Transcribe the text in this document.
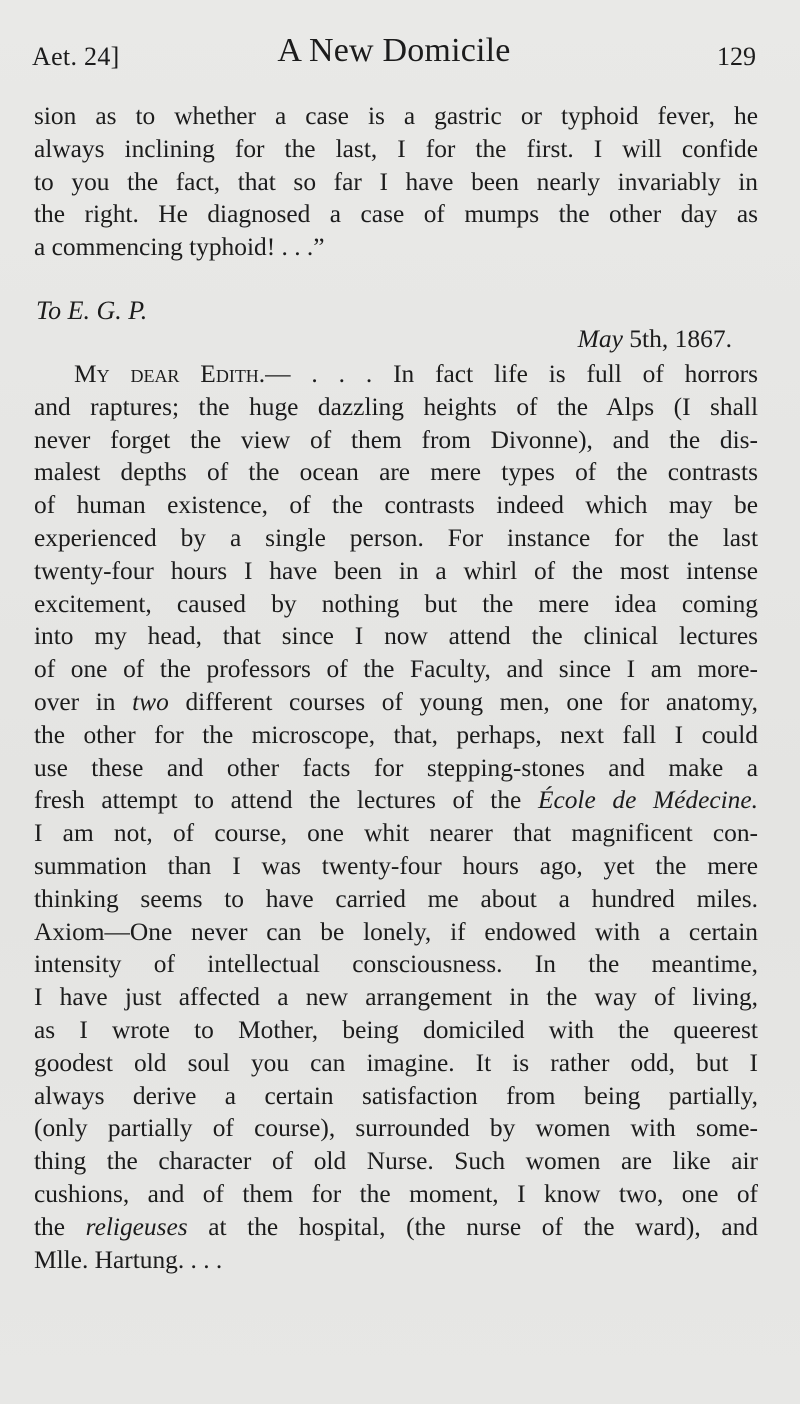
Aet. 24]	A New Domicile	129
sion as to whether a case is a gastric or typhoid fever, he
always inclining for the last, I for the first. I will confide
to you the fact, that so far I have been nearly invariably in
the right. He diagnosed a case of mumps the other day as
a commencing typhoid! . . .”
To E. G. P.
May 5th, 1867.
My dear Edith.— . . . In fact life is full of horrors
and raptures; the huge dazzling heights of the Alps (I shall
never forget the view of them from Divonne), and the dis-
malest depths of the ocean are mere types of the contrasts
of human existence, of the contrasts indeed which may be
experienced by a single person. For instance for the last
twenty-four hours I have been in a whirl of the most intense
excitement, caused by nothing but the mere idea coming
into my head, that since I now attend the clinical lectures
of one of the professors of the Faculty, and since I am more-
over in two different courses of young men, one for anatomy,
the other for the microscope, that, perhaps, next fall I could
use these and other facts for stepping-stones and make a
fresh attempt to attend the lectures of the École de Médecine.
I am not, of course, one whit nearer that magnificent con-
summation than I was twenty-four hours ago, yet the mere
thinking seems to have carried me about a hundred miles.
Axiom—One never can be lonely, if endowed with a certain
intensity of intellectual consciousness. In the meantime,
I have just affected a new arrangement in the way of living,
as I wrote to Mother, being domiciled with the queerest
goodest old soul you can imagine. It is rather odd, but I
always derive a certain satisfaction from being partially,
(only partially of course), surrounded by women with some-
thing the character of old Nurse. Such women are like air
cushions, and of them for the moment, I know two, one of
the religeuses at the hospital, (the nurse of the ward), and
Mlle. Hartung. . . .
